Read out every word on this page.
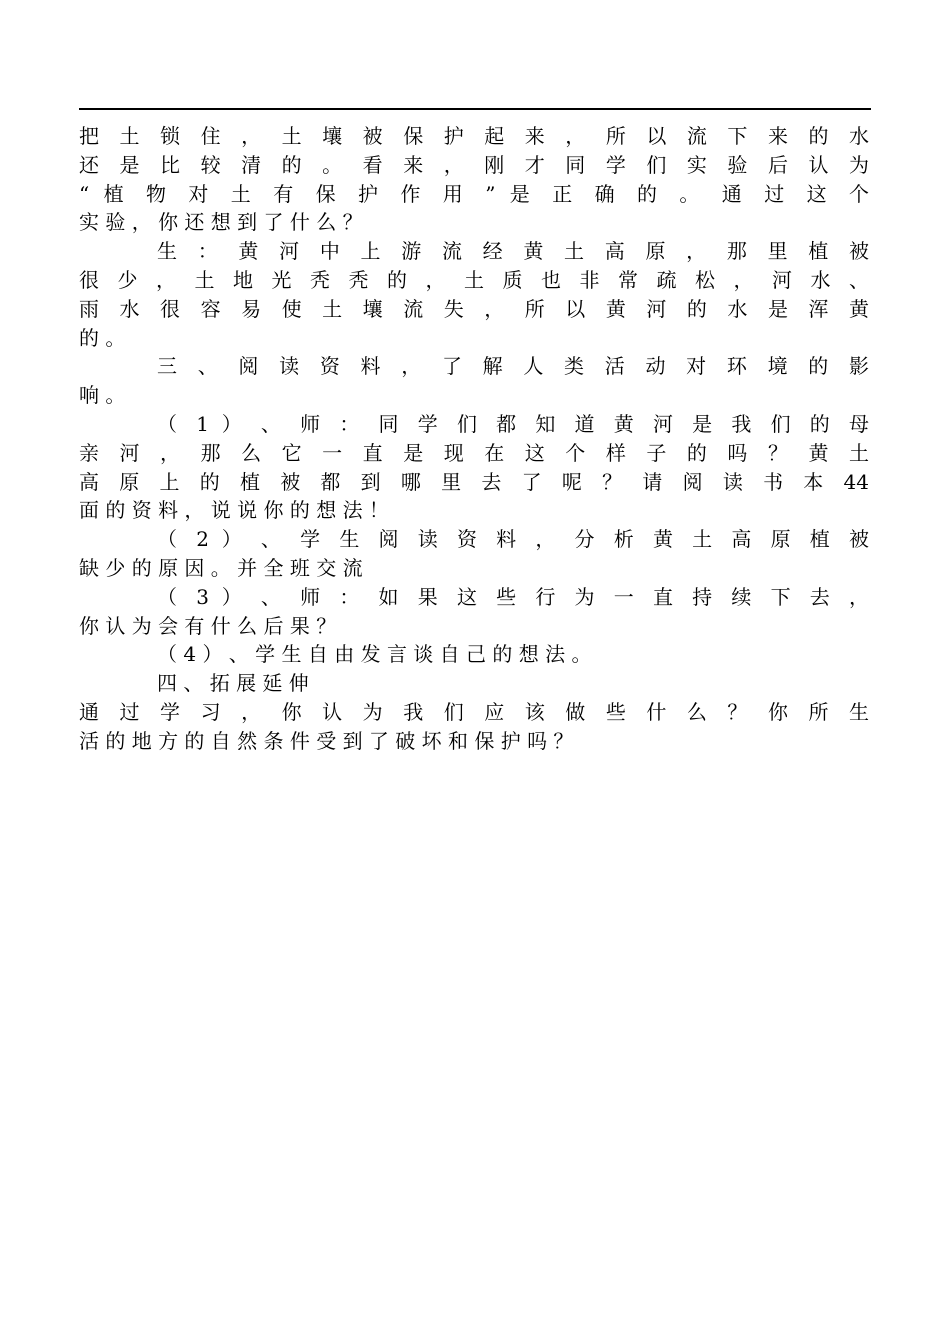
把 土 锁 住 ， 土 壤 被 保 护 起 来 ， 所 以 流 下 来 的 水
还 是 比 较 清 的 。 看 来 ， 刚 才 同 学 们 实 验 后 认 为
“ 植 物 对 土 有 保 护 作 用 ” 是 正 确 的 。 通 过 这 个
实 验 ， 你 还 想 到 了 什 么 ？
生 ： 黄 河 中 上 游 流 经 黄 土 高 原 ， 那 里 植 被
很 少 ， 土 地 光 秃 秃 的 ， 土 质 也 非 常 疏 松 ， 河 水 、
雨 水 很 容 易 使 土 壤 流 失 ， 所 以 黄 河 的 水 是 浑 黄
的 。
三 、 阅 读 资 料 ， 了 解 人 类 活 动 对 环 境 的 影
响 。
（ 1 ） 、 师 ： 同 学 们 都 知 道 黄 河 是 我 们 的 母
亲 河 ， 那 么 它 一 直 是 现 在 这 个 样 子 的 吗 ？ 黄 土
高 原 上 的 植 被 都 到 哪 里 去 了 呢 ？ 请 阅 读 书 本 44
面 的 资 料 ， 说 说 你 的 想 法 ！
（ 2 ） 、 学 生 阅 读 资 料 ， 分 析 黄 土 高 原 植 被
缺 少 的 原 因 。 并 全 班 交 流
（ 3 ） 、 师 ： 如 果 这 些 行 为 一 直 持 续 下 去 ，
你 认 为 会 有 什 么 后 果 ？
（ 4 ） 、 学 生 自 由 发 言 谈 自 己 的 想 法 。
四 、 拓 展 延 伸
通 过 学 习 ， 你 认 为 我 们 应 该 做 些 什 么 ？ 你 所 生
活 的 地 方 的 自 然 条 件 受 到 了 破 坏 和 保 护 吗 ？
